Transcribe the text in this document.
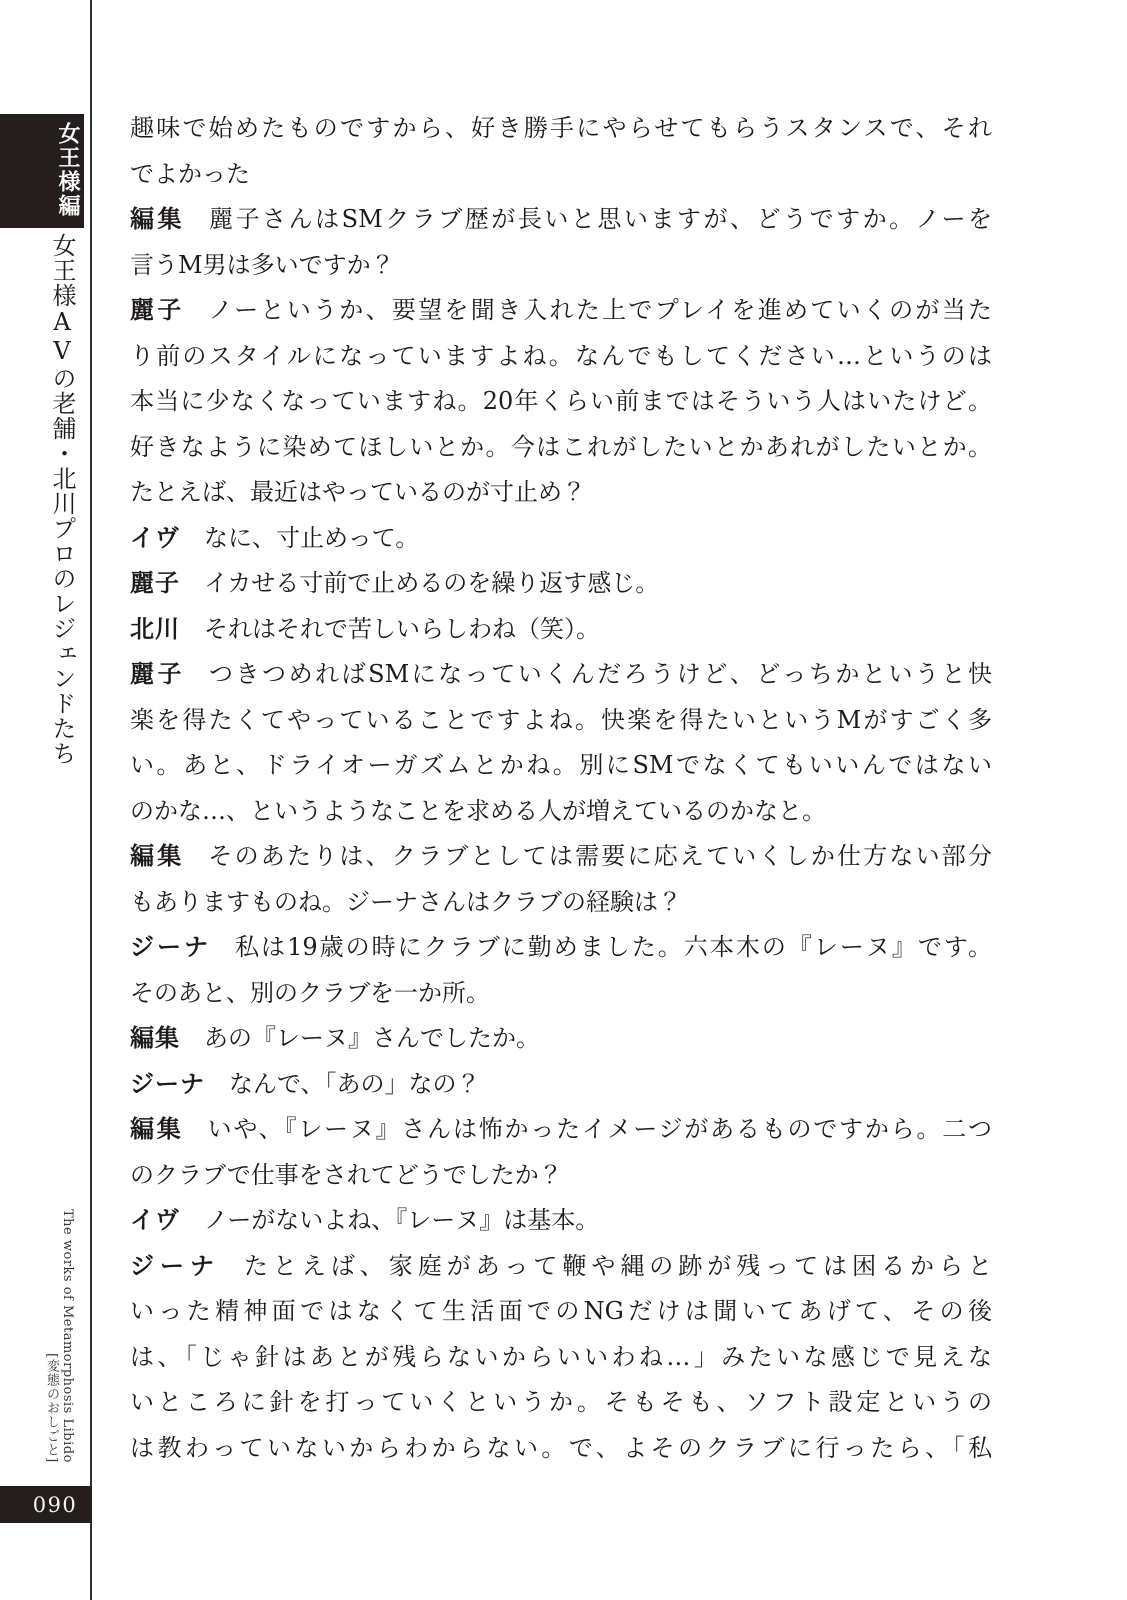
女王様編
女王様AVの老舗・北川プロのレジェンドたち
The works of Metamorphosis Libido
[変態のおしごと]
090
趣味で始めたものですから、好き勝手にやらせてもらうスタンスで、それ
でよかった
編集 麗子さんはSMクラブ歴が長いと思いますが、どうですか。ノーを
言うM男は多いですか？
麗子 ノーというか、要望を聞き入れた上でプレイを進めていくのが当た
り前のスタイルになっていますよね。なんでもしてください…というのは
本当に少なくなっていますね。20年くらい前まではそういう人はいたけど。
好きなように染めてほしいとか。今はこれがしたいとかあれがしたいとか。
たとえば、最近はやっているのが寸止め？
イヴ なに、寸止めって。
麗子 イカせる寸前で止めるのを繰り返す感じ。
北川 それはそれで苦しいらしわね（笑）。
麗子 つきつめればSMになっていくんだろうけど、どっちかというと快
楽を得たくてやっていることですよね。快楽を得たいというMがすごく多
い。あと、ドライオーガズムとかね。別にSMでなくてもいいんではない
のかな…、というようなことを求める人が増えているのかなと。
編集 そのあたりは、クラブとしては需要に応えていくしか仕方ない部分
もありますものね。ジーナさんはクラブの経験は？
ジーナ 私は19歳の時にクラブに勤めました。六本木の『レーヌ』です。
そのあと、別のクラブを一か所。
編集 あの『レーヌ』さんでしたか。
ジーナ なんで、「あの」なの？
編集 いや、『レーヌ』さんは怖かったイメージがあるものですから。二つ
のクラブで仕事をされてどうでしたか？
イヴ ノーがないよね、『レーヌ』は基本。
ジーナ たとえば、家庭があって鞭や縄の跡が残っては困るからと
いった精神面ではなくて生活面でのNGだけは聞いてあげて、その後
は、「じゃ針はあとが残らないからいいわね…」みたいな感じで見えな
いところに針を打っていくというか。そもそも、ソフト設定というの
は教わっていないからわからない。で、よそのクラブに行ったら、「私
